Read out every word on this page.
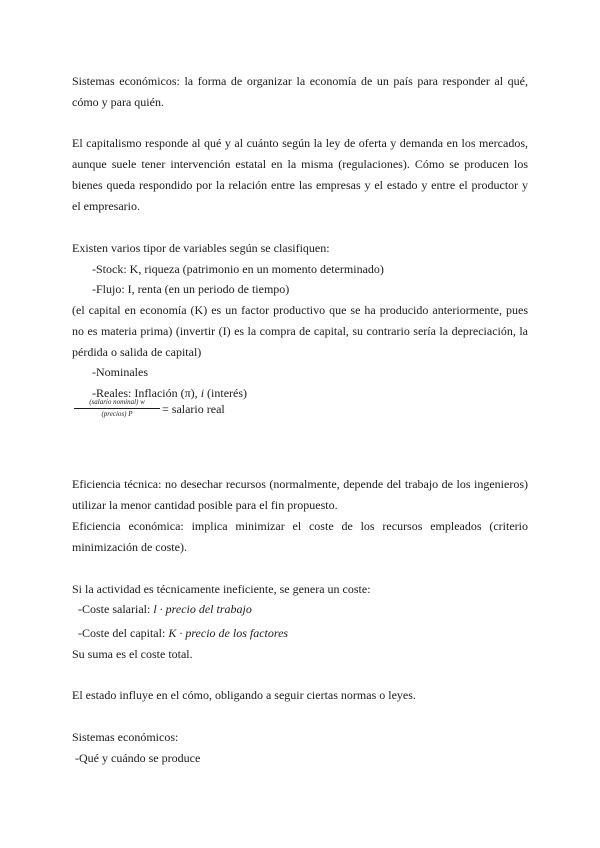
Sistemas económicos: la forma de organizar la economía de un país para responder al qué,
cómo y para quién.
El capitalismo responde al qué y al cuánto según la ley de oferta y demanda en los mercados,
aunque suele tener intervención estatal en la misma (regulaciones). Cómo se producen los
bienes queda respondido por la relación entre las empresas y el estado y entre el productor y
el empresario.
Existen varios tipor de variables según se clasifiquen:
-Stock: K, riqueza (patrimonio en un momento determinado)
-Flujo: I, renta (en un periodo de tiempo)
(el capital en economía (K) es un factor productivo que se ha producido anteriormente, pues
no es materia prima) (invertir (I) es la compra de capital, su contrario sería la depreciación, la
pérdida o salida de capital)
-Nominales
-Reales: Inflación (π), i (interés)
(salario nominal) w
(precios) P	= salario real
Eficiencia técnica: no desechar recursos (normalmente, depende del trabajo de los ingenieros)
utilizar la menor cantidad posible para el fin propuesto.
Eficiencia económica: implica minimizar el coste de los recursos empleados (criterio
minimización de coste).
Si la actividad es técnicamente ineficiente, se genera un coste:
-Coste salarial: l · precio del trabajo
-Coste del capital: K · precio de los factores
Su suma es el coste total.
El estado influye en el cómo, obligando a seguir ciertas normas o leyes.
Sistemas económicos:
-Qué y cuándo se produce
